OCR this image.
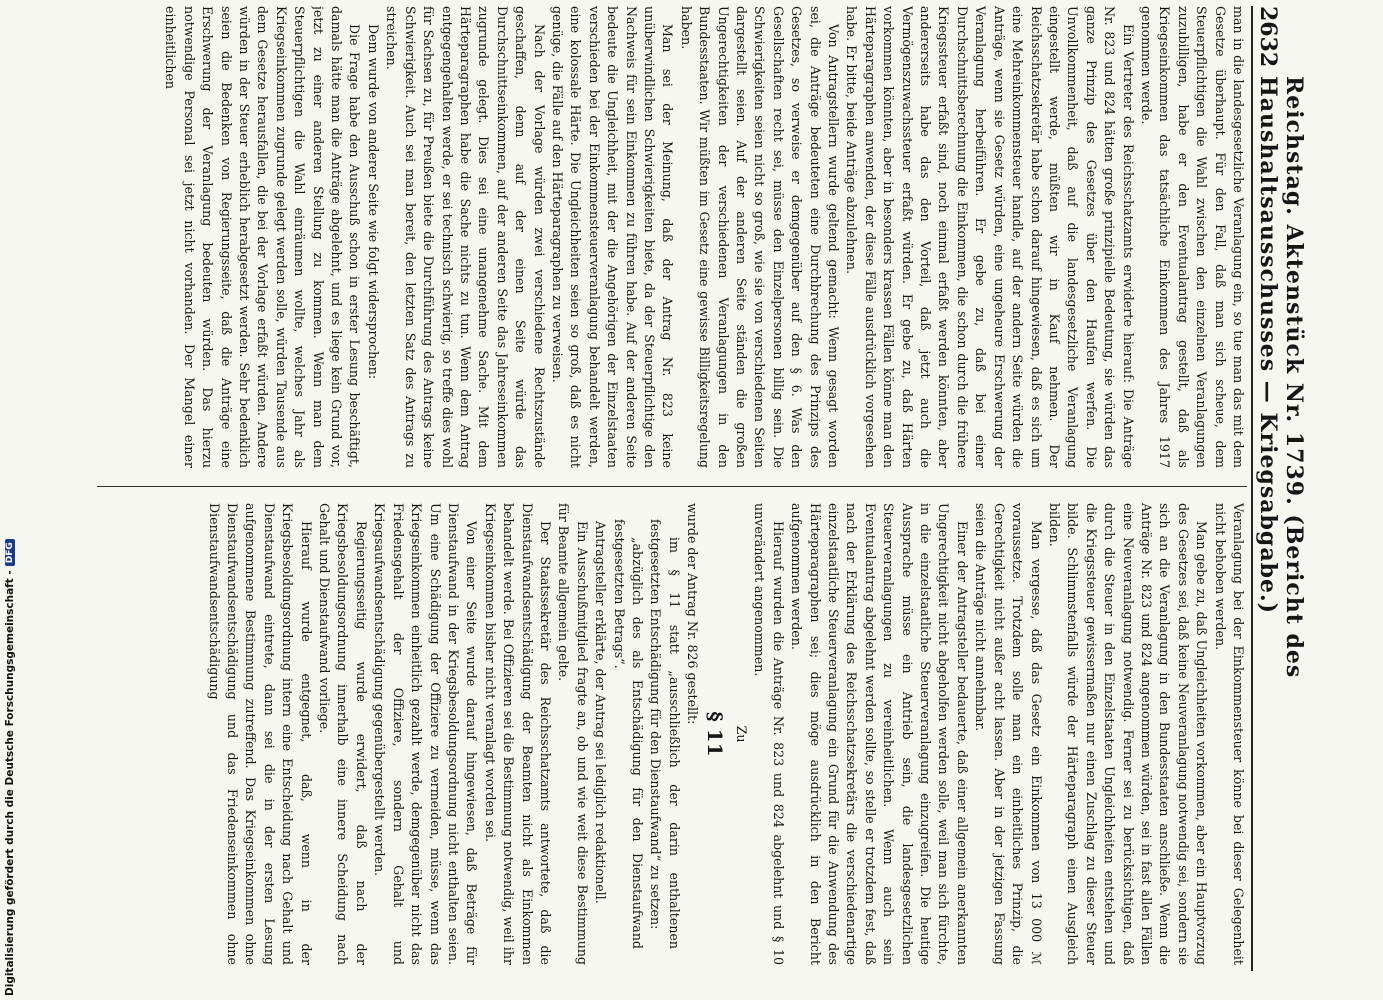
Digitalisierung gefördert durch die Deutsche Forschungsgemeinschaft -
DFG
2632
Reichstag. Aktenstück Nr. 1739. (Bericht des Haushaltsausschusses — Kriegsabgabe.)

man in die landesgesetzliche Veranlagung ein, so tue man das mit dem Gesetze überhaupt. Für den Fall, daß man sich scheue, dem Steuerpflichtigen die Wahl zwischen den einzelnen Veranlagungen zuzubilligen, habe er den Eventualantrag gestellt, daß als Kriegseinkommen das tatsächliche Einkommen des Jahres 1917 genommen werde.

Ein Vertreter des Reichsschatzamts erwiderte hierauf: Die Anträge Nr. 823 und 824 hätten große prinzipielle Bedeutung, sie würden das ganze Prinzip des Gesetzes über den Haufen werfen. Die Unvollkommenheit, daß auf die landesgesetzliche Veranlagung eingestellt werde, müßten wir in Kauf nehmen. Der Reichsschatzsekretär habe schon darauf hingewiesen, daß es sich um eine Mehreinkommensteuer handle, auf der andern Seite würden die Anträge, wenn sie Gesetz würden, eine ungeheure Erschwerung der Veranlagung herbeiführen. Er gebe zu, daß bei einer Durchschnittsberechnung die Einkommen, die schon durch die frühere Kriegssteuer erfaßt sind, noch einmal erfaßt werden könnten, aber andererseits habe das den Vorteil, daß jetzt auch die Vermögenszuwachssteuer erfaßt würden. Er gebe zu, daß Härten vorkommen könnten, aber in besonders krassen Fällen könne man den Härteparagraphen anwenden, der diese Fälle ausdrücklich vorgesehen habe. Er bitte, beide Anträge abzulehnen.

Von Antragstellern wurde geltend gemacht: Wenn gesagt worden sei, die Anträge bedeuteten eine Durchbrechung des Prinzips des Gesetzes, so verweise er demgegenüber auf den § 6. Was den Gesellschaften recht sei, müsse den Einzelpersonen billig sein. Die Schwierigkeiten seien nicht so groß, wie sie von verschiedenen Seiten dargestellt seien. Auf der anderen Seite ständen die großen Ungerechtigkeiten der verschiedenen Veranlagungen in den Bundesstaaten. Wir müßten im Gesetz eine gewisse Billigkeitsregelung haben.

Man sei der Meinung, daß der Antrag Nr. 823 keine unüberwindlichen Schwierigkeiten biete, da der Steuerpflichtige den Nachweis für sein Einkommen zu führen habe. Auf der anderen Seite bedeute die Ungleichheit, mit der die Angehörigen der Einzelstaaten verschieden bei der Einkommensteuerveranlagung behandelt werden, eine kolossale Härte. Die Ungleichheiten seien so groß, daß es nicht genüge, die Fälle auf den Härteparagraphen zu verweisen.

Nach der Vorlage würden zwei verschiedene Rechtszustände geschaffen, denn auf der einen Seite würde das Durchschnittseinkommen, auf der anderen Seite das Jahreseinkommen zugrunde gelegt. Dies sei eine unangenehme Sache. Mit dem Härteparagraphen habe die Sache nichts zu tun. Wenn dem Antrag entgegengehalten werde, er sei technisch schwierig, so treffe dies wohl für Sachsen zu, für Preußen biete die Durchführung des Antrags keine Schwierigkeit. Auch sei man bereit, den letzten Satz des Antrags zu streichen.

Dem wurde von anderer Seite wie folgt widersprochen:

Die Frage habe den Ausschuß schon in erster Lesung beschäftigt, damals hätte man die Anträge abgelehnt, und es liege kein Grund vor, jetzt zu einer anderen Stellung zu kommen. Wenn man dem Steuerpflichtigen die Wahl einräumen wollte, welches Jahr als Kriegseinkommen zugrunde gelegt werden solle, würden Tausende aus dem Gesetze herausfallen, die bei der Vorlage erfaßt würden. Andere würden in der Steuer erheblich herabgesetzt werden. Sehr bedenklich seien die Bedenken von Regierungsseite, daß die Anträge eine Erschwerung der Veranlagung bedeuten würden. Das hierzu notwendige Personal sei jetzt nicht vorhanden. Der Mangel einer einheitlichen

Veranlagung bei der Einkommensteuer könne bei dieser Gelegenheit nicht behoben werden.

Man gebe zu, daß Ungleichheiten vorkommen, aber ein Hauptvorzug des Gesetzes sei, daß keine Neuveranlagung notwendig sei, sondern sie sich an die Veranlagung in den Bundesstaaten anschließe. Wenn die Anträge Nr. 823 und 824 angenommen würden, sei in fast allen Fällen eine Neuveranlagung notwendig. Ferner sei zu berücksichtigen, daß durch die Steuer in den Einzelstaaten Ungleichheiten entstehen und die Kriegssteuer gewissermaßen nur einen Zuschlag zu dieser Steuer bilde. Schlimmstenfalls würde der Härteparagraph einen Ausgleich bilden.

Man vergesse, daß das Gesetz ein Einkommen von 13 000 ℳ voraussetze. Trotzdem solle man ein einheitliches Prinzip, die Gerechtigkeit nicht außer acht lassen. Aber in der jetzigen Fassung seien die Anträge nicht annehmbar.

Einer der Antragsteller bedauerte, daß einer allgemein anerkannten Ungerechtigkeit nicht abgeholfen werden solle, weil man sich fürchte, in die einzelstaatliche Steuerveranlagung einzugreifen. Die heutige Aussprache müsse ein Antrieb sein, die landesgesetzlichen Steuerveranlagungen zu vereinheitlichen. Wenn auch sein Eventualantrag abgelehnt werden sollte, so stelle er trotzdem fest, daß nach der Erklärung des Reichsschatzsekretärs die verschiedenartige einzelstaatliche Steuerveranlagung ein Grund für die Anwendung des Härteparagraphen sei; dies möge ausdrücklich in den Bericht aufgenommen werden.

Hierauf wurden die Anträge Nr. 823 und 824 abgelehnt und § 10 unverändert angenommen.

Zu

§ 11

wurde der Antrag Nr. 826 gestellt:

im § 11 statt „ausschließlich der darin enthaltenen festgesetzten Entschädigung für den Dienstaufwand“ zu setzen:

„abzüglich des als Entschädigung für den Dienstaufwand festgesetzten Betrags“.

Antragsteller erklärte, der Antrag sei lediglich redaktionell.

Ein Ausschußmitglied fragte an, ob und wie weit diese Bestimmung für Beamte allgemein gelte.

Der Staatssekretär des Reichsschatzamts antwortete, daß die Dienstaufwandsentschädigung der Beamten nicht als Einkommen behandelt werde. Bei Offizieren sei die Bestimmung notwendig, weil ihr Kriegseinkommen bisher nicht veranlagt worden sei.

Von einer Seite wurde darauf hingewiesen, daß Beträge für Dienstaufwand in der Kriegsbesoldungsordnung nicht enthalten seien. Um eine Schädigung der Offiziere zu vermeiden, müsse, wenn das Kriegseinkommen einheitlich gezahlt werde, demgegenüber nicht das Friedensgehalt der Offiziere, sondern Gehalt und Kriegsaufwandsentschädigung gegenübergestellt werden.

Regierungsseitig wurde erwidert, daß nach der Kriegsbesoldungsordnung innerhalb eine innere Scheidung nach Gehalt und Dienstaufwand vorliege.

Hierauf wurde entgegnet, daß, wenn in der Kriegsbesoldungsordnung intern eine Entscheidung nach Gehalt und Dienstaufwand eintrete, dann sei die in der ersten Lesung aufgenommene Bestimmung zutreffend. Das Kriegseinkommen ohne Dienstaufwandsentschädigung und das Friedenseinkommen ohne Dienstaufwandsentschädigung
